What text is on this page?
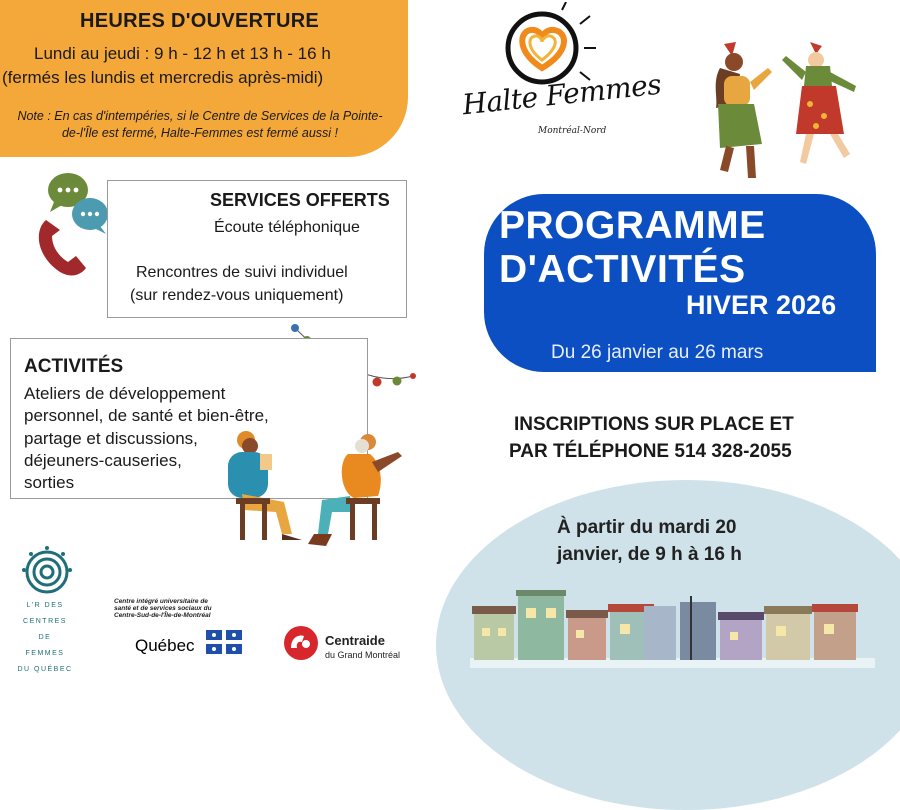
HEURES D'OUVERTURE
Lundi au jeudi : 9 h - 12 h et 13 h - 16 h
(fermés les lundis et mercredis après-midi)
Note : En cas d'intempéries, si le Centre de Services de la Pointe-de-l'Île est fermé, Halte-Femmes est fermé aussi !
SERVICES OFFERTS
Écoute téléphonique
Rencontres de suivi individuel
(sur rendez-vous uniquement)
ACTIVITÉS
Ateliers de développement
personnel, de santé et bien-être,
partage et discussions,
déjeuners-causeries,
sorties
Halte Femmes
Montréal-Nord
PROGRAMME
D'ACTIVITÉS
HIVER 2026
Du 26 janvier au 26 mars
INSCRIPTIONS SUR PLACE ET
PAR TÉLÉPHONE 514 328-2055
À partir du mardi 20
janvier, de 9 h à 16 h
L'R DES
CENTRES DE
FEMMES
DU QUÉBEC
Centre intégré universitaire de santé et de services sociaux du Centre-Sud-de-l'Île-de-Montréal
Québec	Centraide
du Grand Montréal
